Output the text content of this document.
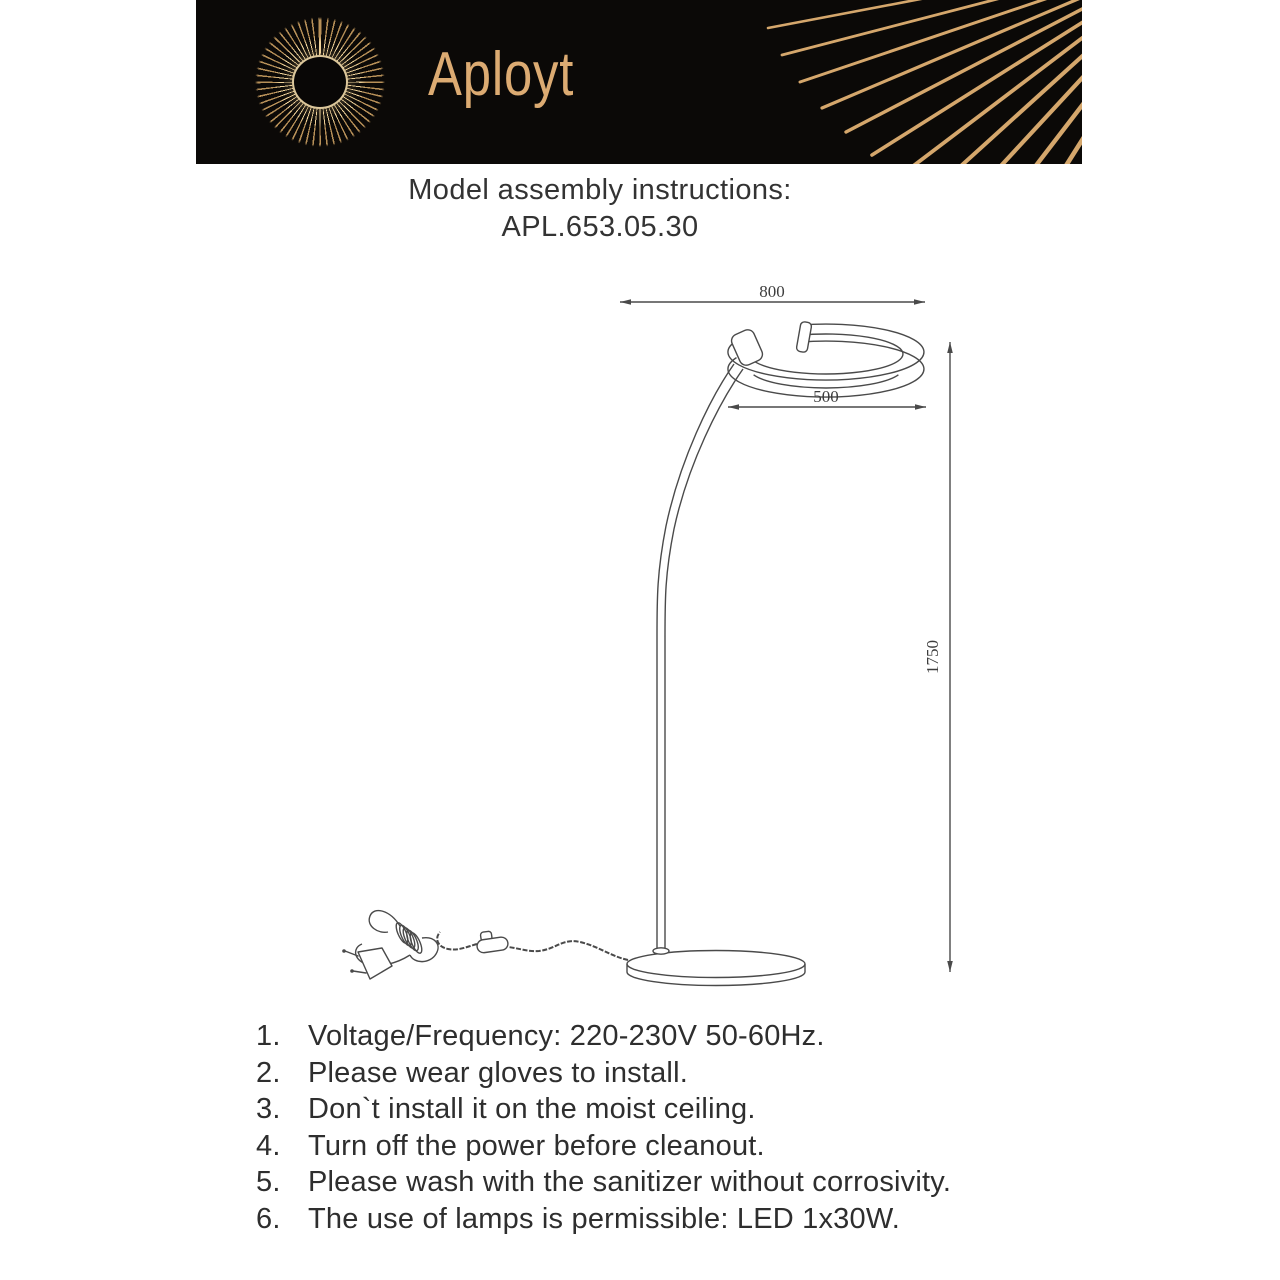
Aployt
Model assembly instructions:
APL.653.05.30
800
500
1750
1. Voltage/Frequency: 220-230V 50-60Hz.
2. Please wear gloves to install.
3. Don`t install it on the moist ceiling.
4. Turn off the power before cleanout.
5. Please wash with the sanitizer without corrosivity.
6. The use of lamps is permissible: LED 1x30W.
